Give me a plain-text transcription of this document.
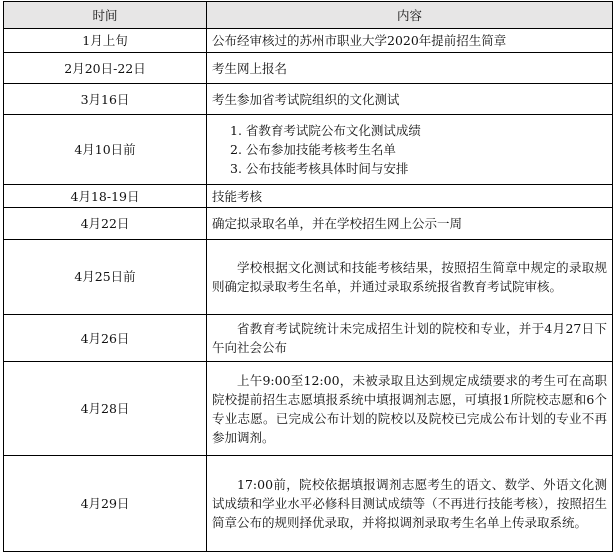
时间	内容
1月上旬	公布经审核过的苏州市职业大学2020年提前招生简章
2月20日-22日	考生网上报名
3月16日	考生参加省考试院组织的文化测试
4月10日前	1. 省教育考试院公布文化测试成绩
2. 公布参加技能考核考生名单
3. 公布技能考核具体时间与安排

4月18-19日	技能考核
4月22日	确定拟录取名单，并在学校招生网上公示一周
4月25日前	学校根据文化测试和技能考核结果，按照招生简章中规定的录取规则确定拟录取考生名单，并通过录取系统报省教育考试院审核。
4月26日	省教育考试院统计未完成招生计划的院校和专业，并于4月27日下午向社会公布
4月28日	上午9:00至12:00，未被录取且达到规定成绩要求的考生可在高职院校提前招生志愿填报系统中填报调剂志愿，可填报1所院校志愿和6个专业志愿。已完成公布计划的院校以及院校已完成公布计划的专业不再参加调剂。
4月29日	17:00前，院校依据填报调剂志愿考生的语文、数学、外语文化测试成绩和学业水平必修科目测试成绩等（不再进行技能考核），按照招生简章公布的规则择优录取，并将拟调剂录取考生名单上传录取系统。
